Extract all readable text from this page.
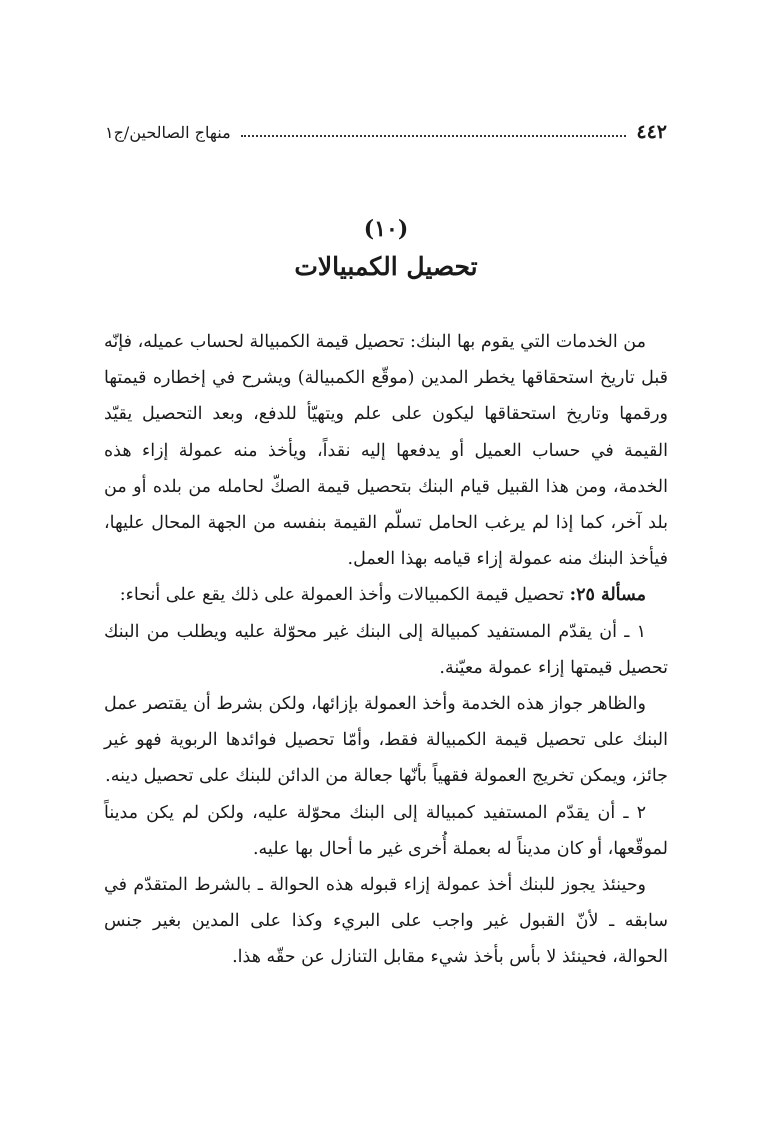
٤٤٢
منهاج الصالحين/ج١
(١٠)
تحصيل الكمبيالات

من الخدمات التي يقوم بها البنك: تحصيل قيمة الكمبيالة لحساب عميله، فإنّه قبل تاريخ استحقاقها يخطر المدين (موقّع الكمبيالة) ويشرح في إخطاره قيمتها ورقمها وتاريخ استحقاقها ليكون على علم ويتهيّأ للدفع، وبعد التحصيل يقيّد القيمة في حساب العميل أو يدفعها إليه نقداً، ويأخذ منه عمولة إزاء هذه الخدمة، ومن هذا القبيل قيام البنك بتحصيل قيمة الصكّ لحامله من بلده أو من بلد آخر، كما إذا لم يرغب الحامل تسلّم القيمة بنفسه من الجهة المحال عليها، فيأخذ البنك منه عمولة إزاء قيامه بهذا العمل.

مسألة ٢٥: تحصيل قيمة الكمبيالات وأخذ العمولة على ذلك يقع على أنحاء:

١ ـ أن يقدّم المستفيد كمبيالة إلى البنك غير محوّلة عليه ويطلب من البنك تحصيل قيمتها إزاء عمولة معيّنة.

والظاهر جواز هذه الخدمة وأخذ العمولة بإزائها، ولكن بشرط أن يقتصر عمل البنك على تحصيل قيمة الكمبيالة فقط، وأمّا تحصيل فوائدها الربوية فهو غير جائز، ويمكن تخريج العمولة فقهياً بأنّها جعالة من الدائن للبنك على تحصيل دينه.

٢ ـ أن يقدّم المستفيد كمبيالة إلى البنك محوّلة عليه، ولكن لم يكن مديناً لموقّعها، أو كان مديناً له بعملة أُخرى غير ما أحال بها عليه.

وحينئذ يجوز للبنك أخذ عمولة إزاء قبوله هذه الحوالة ـ بالشرط المتقدّم في سابقه ـ لأنّ القبول غير واجب على البريء وكذا على المدين بغير جنس الحوالة، فحينئذ لا بأس بأخذ شيء مقابل التنازل عن حقّه هذا.
